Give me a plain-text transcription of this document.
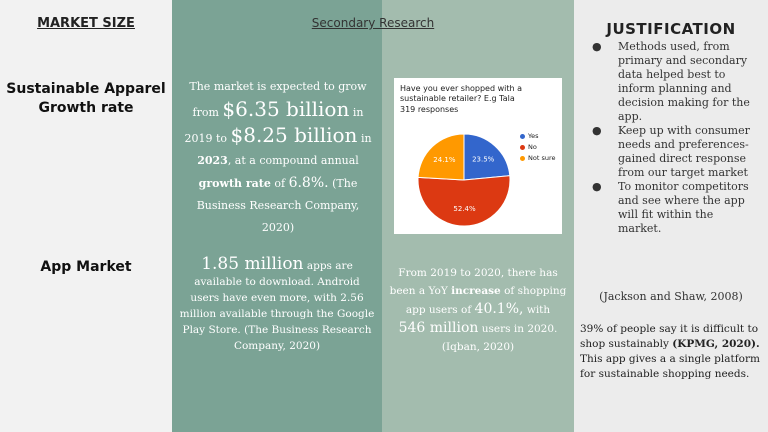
MARKET SIZE	Secondary Research
Sustainable Apparel
Growth rate
App Market
The market is expected to grow
from $6.35 billion in
2019 to $8.25 billion in
2023, at a compound annual
growth rate of 6.8%. (The
Business Research Company, 2020)
1.85 million apps are
available to download. Android
users have even more, with 2.56
million available through the Google
Play Store. (The Business Research
Company, 2020)
From 2019 to 2020, there has
been a YoY increase of shopping
app users of 40.1%, with
546 million users in 2020.
(Iqban, 2020)
Have you ever shopped with a sustainable retailer? E.g Tala
319 responses
23.5%
52.4%
24.1%
Yes
No
Not sure
JUSTIFICATION
● Methods used, from primary and secondary data helped best to inform planning and decision making for the app.
● Keep up with consumer needs and preferences- gained direct response from our target market
● To monitor competitors and see where the app will fit within the market.
(Jackson and Shaw, 2008)
39% of people say it is difficult to shop sustainably (KPMG, 2020). This app gives a a single platform for sustainable shopping needs.
